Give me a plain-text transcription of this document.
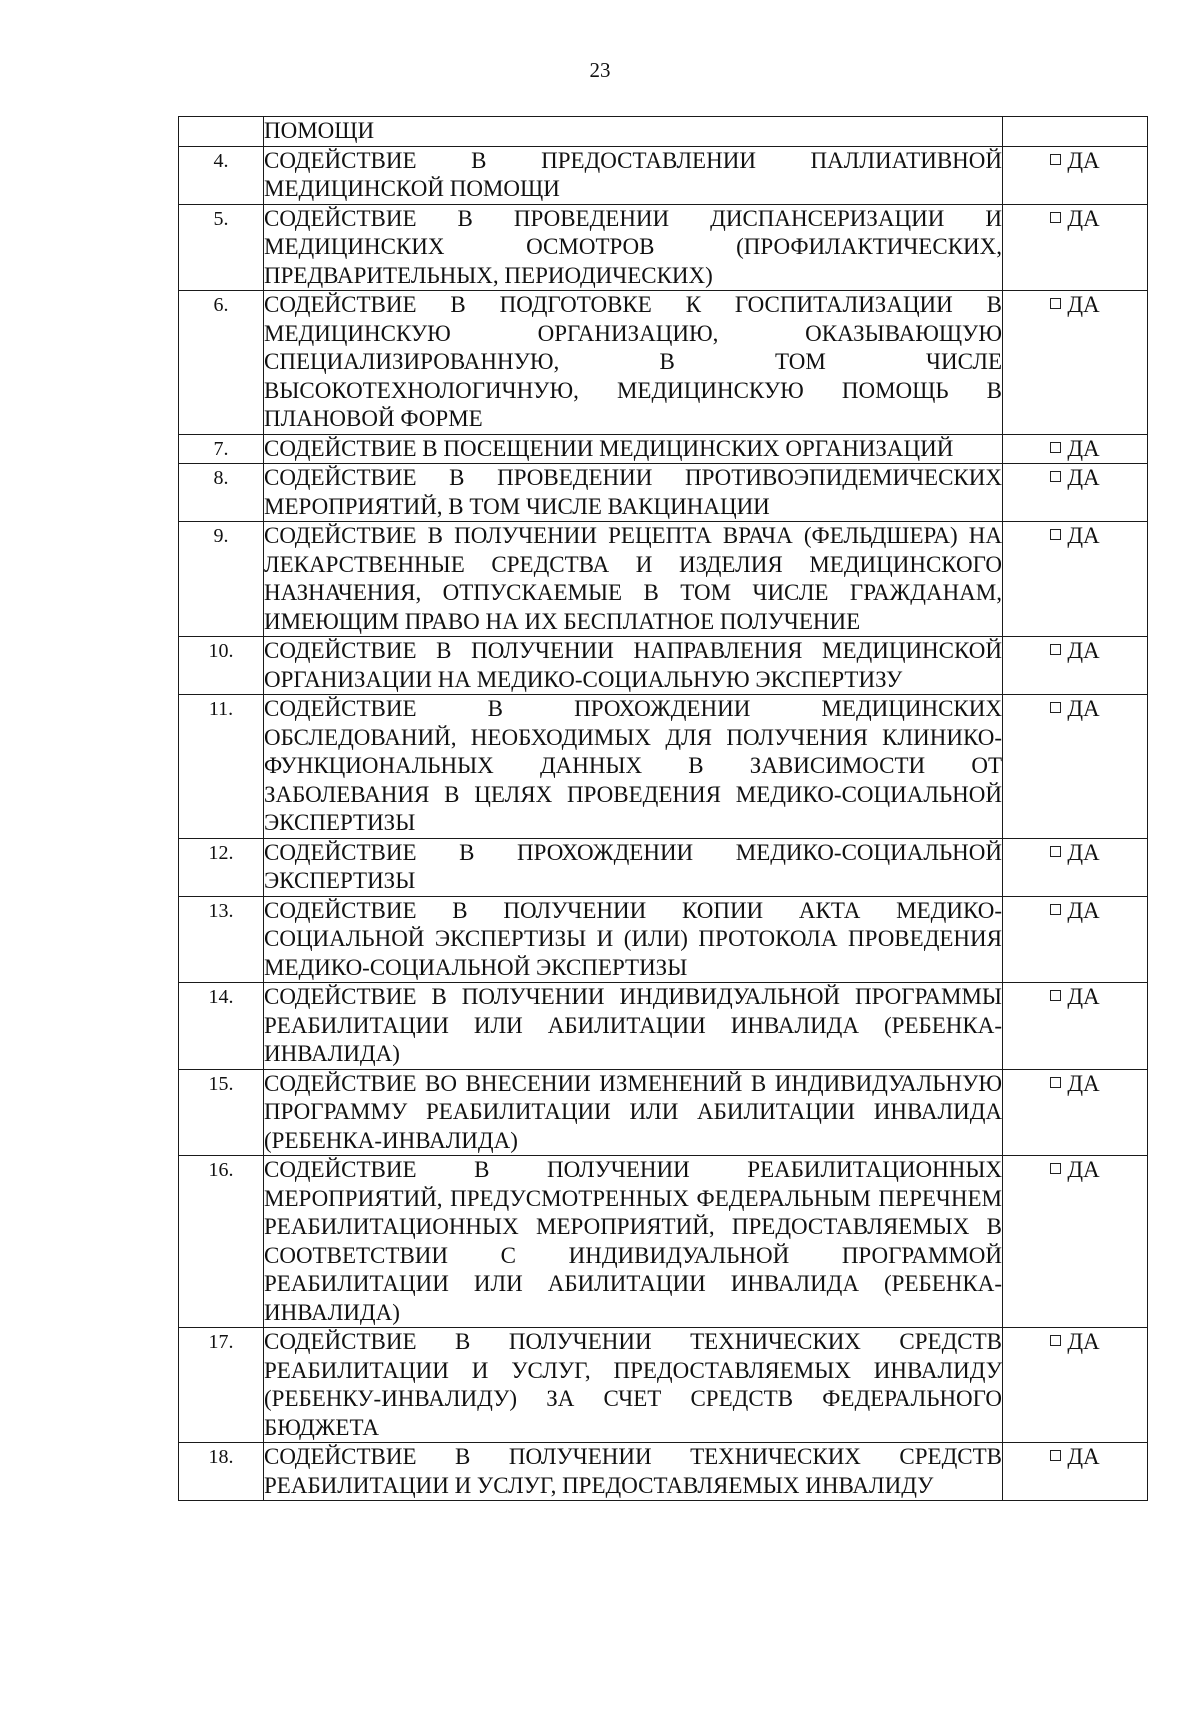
23
	ПОМОЩИ	
4.	СОДЕЙСТВИЕ В ПРЕДОСТАВЛЕНИИ ПАЛЛИАТИВНОЙ МЕДИЦИНСКОЙ ПОМОЩИ	ДА
5.	СОДЕЙСТВИЕ В ПРОВЕДЕНИИ ДИСПАНСЕРИЗАЦИИ И МЕДИЦИНСКИХ ОСМОТРОВ (ПРОФИЛАКТИЧЕСКИХ, ПРЕДВАРИТЕЛЬНЫХ, ПЕРИОДИЧЕСКИХ)	ДА
6.	СОДЕЙСТВИЕ В ПОДГОТОВКЕ К ГОСПИТАЛИЗАЦИИ В МЕДИЦИНСКУЮ ОРГАНИЗАЦИЮ, ОКАЗЫВАЮЩУЮ СПЕЦИАЛИЗИРОВАННУЮ, В ТОМ ЧИСЛЕ ВЫСОКОТЕХНОЛОГИЧНУЮ, МЕДИЦИНСКУЮ ПОМОЩЬ В ПЛАНОВОЙ ФОРМЕ	ДА
7.	СОДЕЙСТВИЕ В ПОСЕЩЕНИИ МЕДИЦИНСКИХ ОРГАНИЗАЦИЙ	ДА
8.	СОДЕЙСТВИЕ В ПРОВЕДЕНИИ ПРОТИВОЭПИДЕМИЧЕСКИХ МЕРОПРИЯТИЙ, В ТОМ ЧИСЛЕ ВАКЦИНАЦИИ	ДА
9.	СОДЕЙСТВИЕ В ПОЛУЧЕНИИ РЕЦЕПТА ВРАЧА (ФЕЛЬДШЕРА) НА ЛЕКАРСТВЕННЫЕ СРЕДСТВА И ИЗДЕЛИЯ МЕДИЦИНСКОГО НАЗНАЧЕНИЯ, ОТПУСКАЕМЫЕ В ТОМ ЧИСЛЕ ГРАЖДАНАМ, ИМЕЮЩИМ ПРАВО НА ИХ БЕСПЛАТНОЕ ПОЛУЧЕНИЕ	ДА
10.	СОДЕЙСТВИЕ В ПОЛУЧЕНИИ НАПРАВЛЕНИЯ МЕДИЦИНСКОЙ ОРГАНИЗАЦИИ НА МЕДИКО-СОЦИАЛЬНУЮ ЭКСПЕРТИЗУ	ДА
11.	СОДЕЙСТВИЕ В ПРОХОЖДЕНИИ МЕДИЦИНСКИХ ОБСЛЕДОВАНИЙ, НЕОБХОДИМЫХ ДЛЯ ПОЛУЧЕНИЯ КЛИНИКО-ФУНКЦИОНАЛЬНЫХ ДАННЫХ В ЗАВИСИМОСТИ ОТ ЗАБОЛЕВАНИЯ В ЦЕЛЯХ ПРОВЕДЕНИЯ МЕДИКО-СОЦИАЛЬНОЙ ЭКСПЕРТИЗЫ	ДА
12.	СОДЕЙСТВИЕ В ПРОХОЖДЕНИИ МЕДИКО-СОЦИАЛЬНОЙ ЭКСПЕРТИЗЫ	ДА
13.	СОДЕЙСТВИЕ В ПОЛУЧЕНИИ КОПИИ АКТА МЕДИКО-СОЦИАЛЬНОЙ ЭКСПЕРТИЗЫ И (ИЛИ) ПРОТОКОЛА ПРОВЕДЕНИЯ МЕДИКО-СОЦИАЛЬНОЙ ЭКСПЕРТИЗЫ	ДА
14.	СОДЕЙСТВИЕ В ПОЛУЧЕНИИ ИНДИВИДУАЛЬНОЙ ПРОГРАММЫ РЕАБИЛИТАЦИИ ИЛИ АБИЛИТАЦИИ ИНВАЛИДА (РЕБЕНКА-ИНВАЛИДА)	ДА
15.	СОДЕЙСТВИЕ ВО ВНЕСЕНИИ ИЗМЕНЕНИЙ В ИНДИВИДУАЛЬНУЮ ПРОГРАММУ РЕАБИЛИТАЦИИ ИЛИ АБИЛИТАЦИИ ИНВАЛИДА (РЕБЕНКА-ИНВАЛИДА)	ДА
16.	СОДЕЙСТВИЕ В ПОЛУЧЕНИИ РЕАБИЛИТАЦИОННЫХ МЕРОПРИЯТИЙ, ПРЕДУСМОТРЕННЫХ ФЕДЕРАЛЬНЫМ ПЕРЕЧНЕМ РЕАБИЛИТАЦИОННЫХ МЕРОПРИЯТИЙ, ПРЕДОСТАВЛЯЕМЫХ В СООТВЕТСТВИИ С ИНДИВИДУАЛЬНОЙ ПРОГРАММОЙ РЕАБИЛИТАЦИИ ИЛИ АБИЛИТАЦИИ ИНВАЛИДА (РЕБЕНКА-ИНВАЛИДА)	ДА
17.	СОДЕЙСТВИЕ В ПОЛУЧЕНИИ ТЕХНИЧЕСКИХ СРЕДСТВ РЕАБИЛИТАЦИИ И УСЛУГ, ПРЕДОСТАВЛЯЕМЫХ ИНВАЛИДУ (РЕБЕНКУ-ИНВАЛИДУ) ЗА СЧЕТ СРЕДСТВ ФЕДЕРАЛЬНОГО БЮДЖЕТА	ДА
18.	СОДЕЙСТВИЕ В ПОЛУЧЕНИИ ТЕХНИЧЕСКИХ СРЕДСТВ РЕАБИЛИТАЦИИ И УСЛУГ, ПРЕДОСТАВЛЯЕМЫХ ИНВАЛИДУ	ДА
